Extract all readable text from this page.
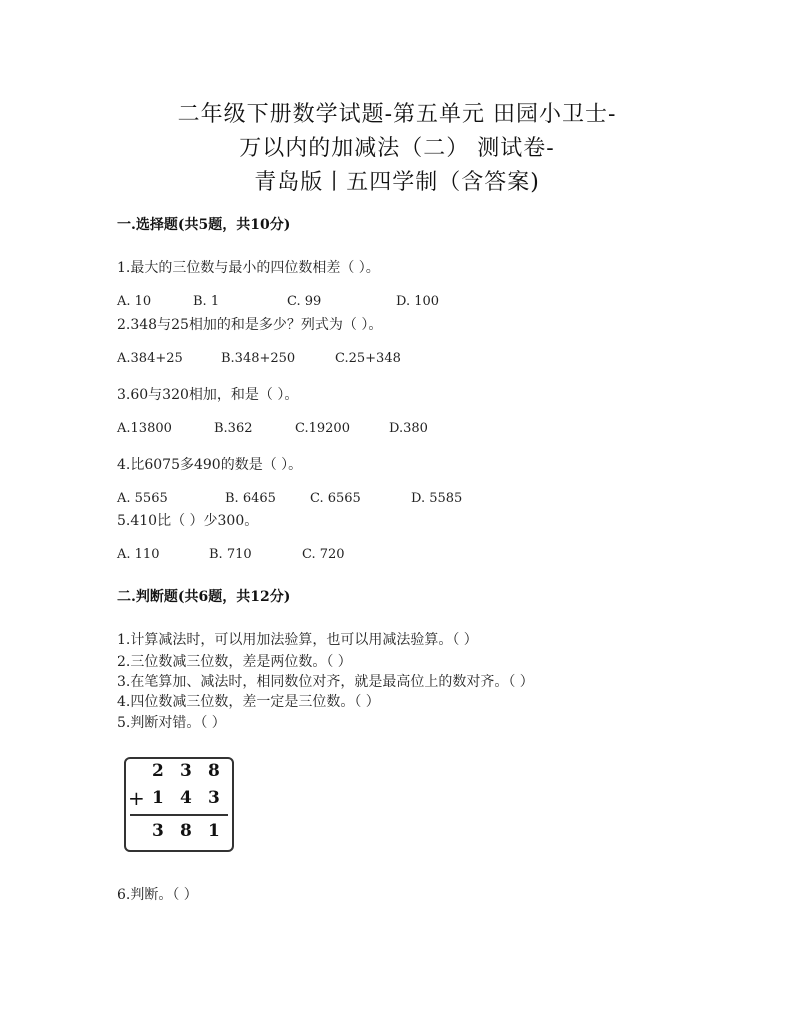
二年级下册数学试题-第五单元 田园小卫士-
万以内的加减法（二） 测试卷-
青岛版丨五四学制（含答案)
一.选择题(共5题，共10分)
1.最大的三位数与最小的四位数相差（ ）。
A. 10	B. 1	C. 99	D. 100
2.348与25相加的和是多少？列式为（ ）。
A.384+25	B.348+250	C.25+348
3.60与320相加，和是（ ）。
A.13800	B.362	C.19200	D.380
4.比6075多490的数是（ ）。
A. 5565	B. 6465	C. 6565	D. 5585
5.410比（ ）少300。
A. 110	B. 710	C. 720
二.判断题(共6题，共12分)
1.计算减法时，可以用加法验算，也可以用减法验算。（ ）
2.三位数减三位数，差是两位数。（ ）
3.在笔算加、减法时，相同数位对齐，就是最高位上的数对齐。（ ）
4.四位数减三位数，差一定是三位数。（ ）
5.判断对错。（ ）
2 3 8
+ 1 4 3
3 8 1
6.判断。（ ）
